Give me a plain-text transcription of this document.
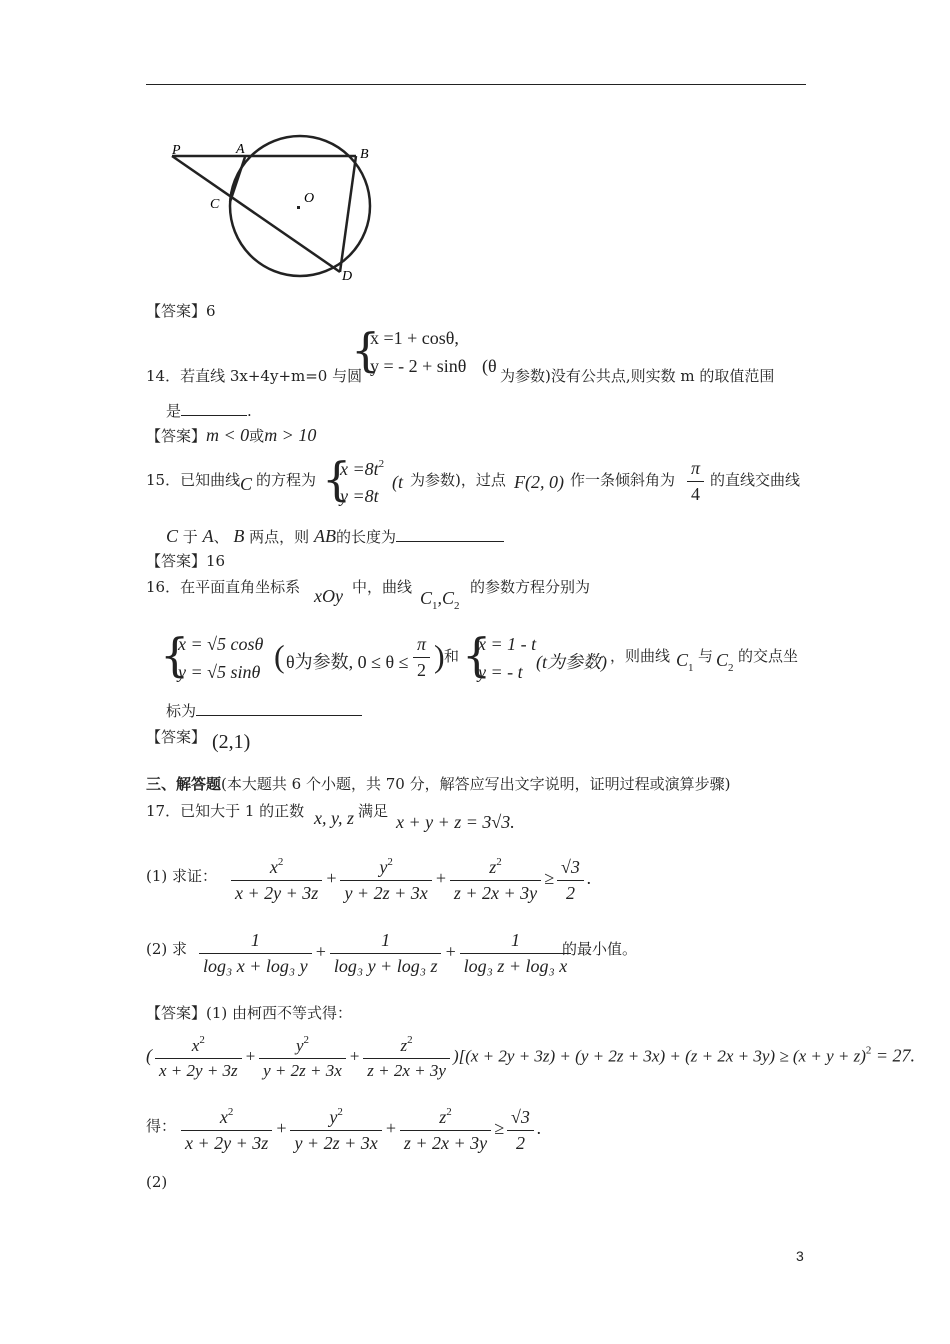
P	A	B
C	O
D
【答案】6
{
x =1 + cosθ,
y = - 2 + sinθ (θ 为参数)没有公共点,则实数 m 的取值范围
14．若直线 3x+4y+m=0 与圆
是	.
【答案】m < 0或m > 10
15．已知曲线 C 的方程为 {
$x =8t^2$
y =8t
(t 为参数)，过点 F(2, 0) 作一条倾斜角为 $\frac{\pi}{4}$ 的直线交曲线
C 于 A、 B 两点，则 AB的长度为
【答案】16
16．在平面直角坐标系 xOy 中，曲线
$C_1,C_2$
的参数方程分别为
{
x = √5 cosθ
y = √5 sinθ ( θ为参数, $0 \le \theta \le \frac{\pi}{2}$ ) 和 {
x = 1 - t
y = - t (t为参数) ，则曲线 $C_1$
与 $C_2$
的交点坐
标为
【答案】 (2,1)
三、解答题(本大题共 6 个小题，共 70 分，解答应写出文字说明，证明过程或演算步骤)
17．已知大于 1 的正数 x, y, z 满足
x + y + z = 3√3.
(1) 求证： $\frac{x^2}{x + 2y + 3z} + \frac{y^2}{y + 2z + 3x} + \frac{z^2}{z + 2x + 3y} \ge \frac{√3}{2}$ .
(2) 求 $\frac{1}{\text{log₃ x + log₃ y}} + \frac{1}{\text{log₃ y + log₃ z}} + \frac{1}{\text{log₃ z + log₃ x}}$
的最小值。
【答案】(1) 由柯西不等式得：
( $\frac{x^2}{x + 2y + 3z} + \frac{y^2}{y + 2z + 3x} + \frac{z^2}{z + 2x + 3y} )[(x + 2y + 3z) + (y + 2z + 3x) + (z + 2x + 3y) \ge (x + y + z)^2 = 27$.
得： $\frac{x^2}{x + 2y + 3z} + \frac{y^2}{y + 2z + 3x} + \frac{z^2}{z + 2x + 3y} \ge \frac{√3}{2}$ .
(2)
3
